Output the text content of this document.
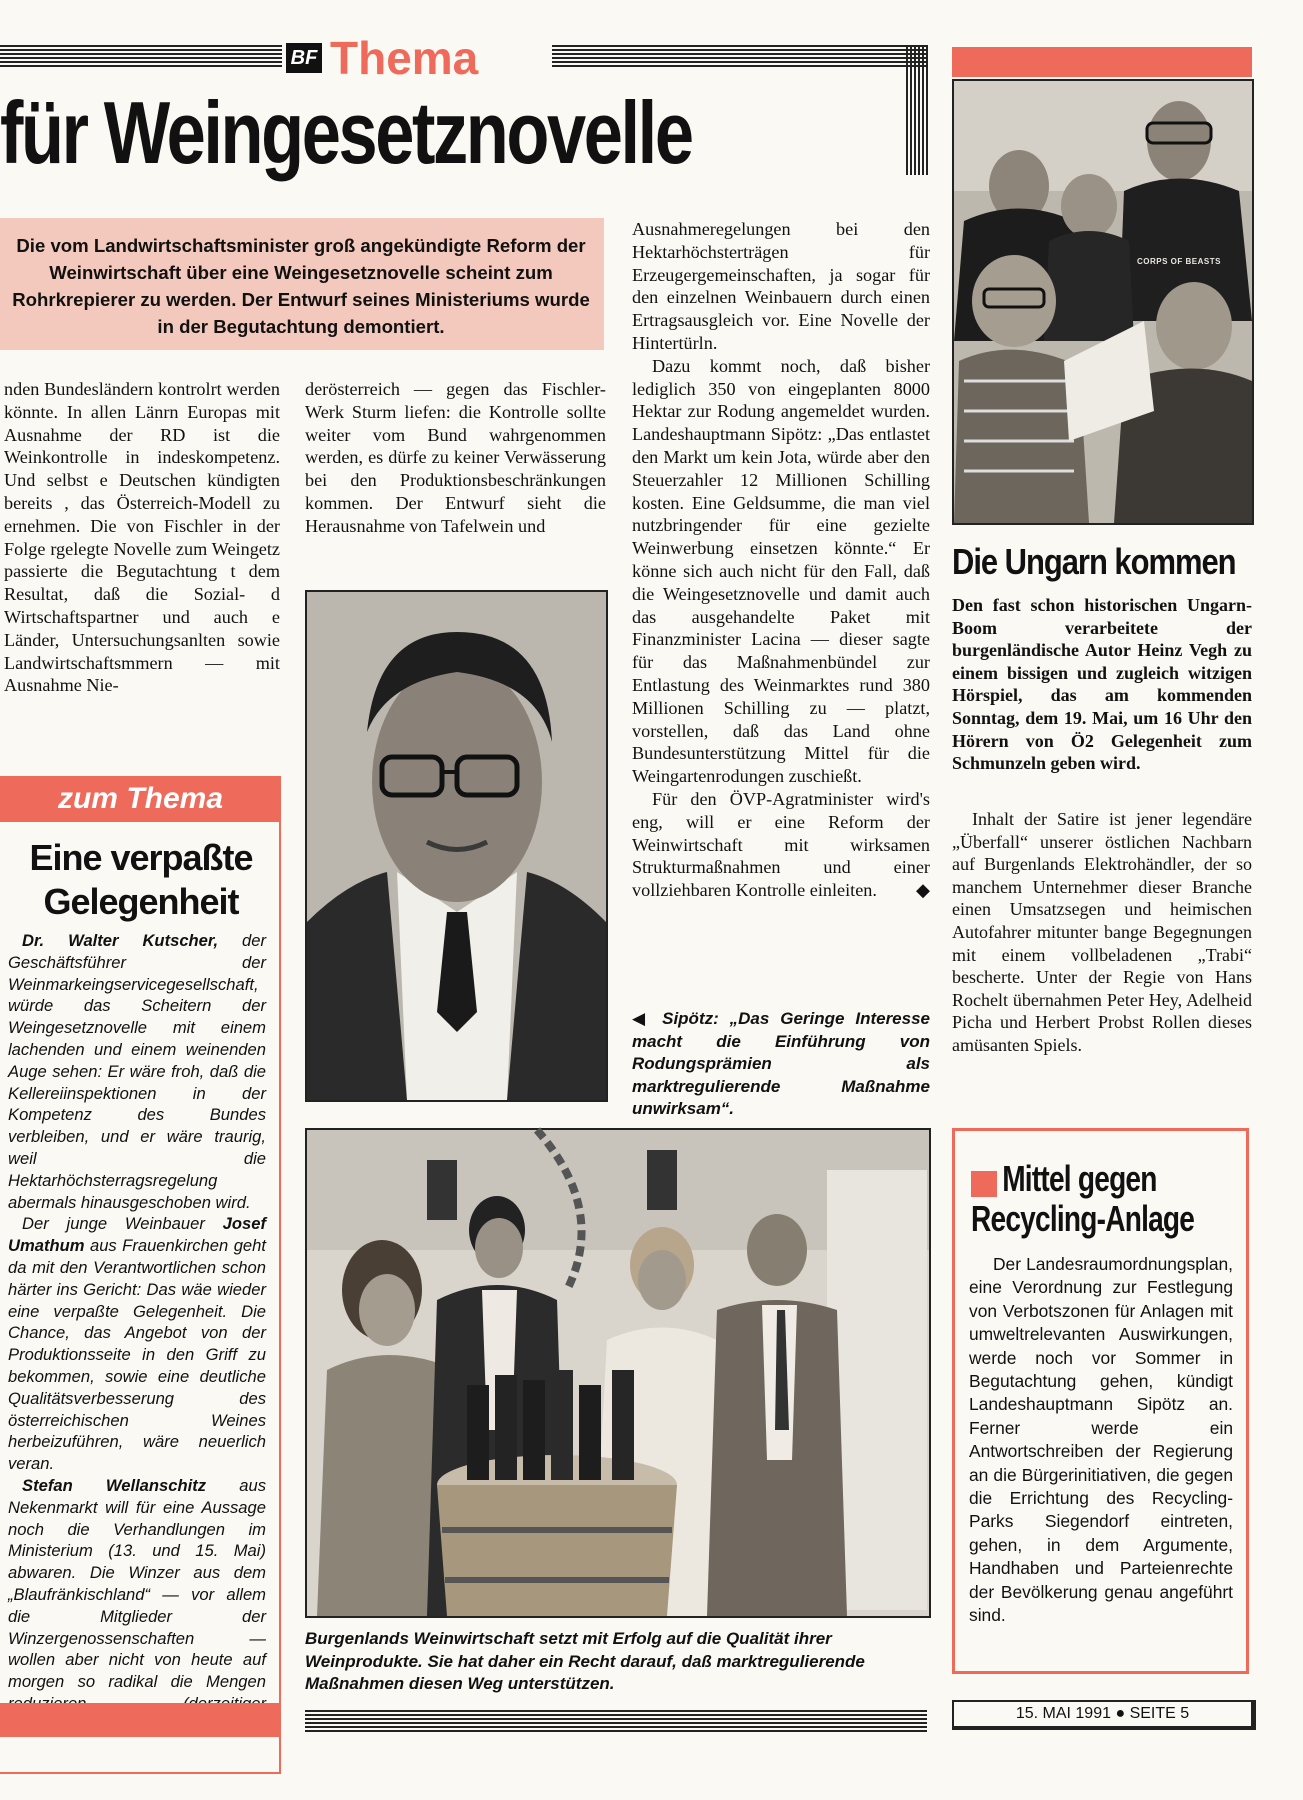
BF Thema
für Weingesetznovelle
Die vom Landwirtschaftsminister groß angekündigte Reform der Weinwirtschaft über eine Weingesetznovelle scheint zum Rohrkrepierer zu werden. Der Entwurf seines Ministeriums wurde in der Begutachtung demontiert.

nden Bundesländern kontrolrt werden könnte. In allen Länrn Europas mit Ausnahme der RD ist die Weinkontrolle in indeskompetenz. Und selbst e Deutschen kündigten bereits , das Österreich-Modell zu ernehmen. Die von Fischler in der Folge rgelegte Novelle zum Weingetz passierte die Begutachtung t dem Resultat, daß die Sozial- d Wirtschaftspartner und auch e Länder, Untersuchungsanlten sowie Landwirtschaftsmmern — mit Ausnahme Nie-

derösterreich — gegen das Fischler-Werk Sturm liefen: die Kontrolle sollte weiter vom Bund wahrgenommen werden, es dürfe zu keiner Verwässerung bei den Produktionsbeschränkungen kommen. Der Entwurf sieht die Herausnahme von Tafelwein und

Ausnahmeregelungen bei den Hektarhöchsterträgen für Erzeugergemeinschaften, ja sogar für den einzelnen Weinbauern durch einen Ertragsausgleich vor. Eine Novelle der Hintertürln.

Dazu kommt noch, daß bisher lediglich 350 von eingeplanten 8000 Hektar zur Rodung angemeldet wurden. Landeshauptmann Sipötz: „Das entlastet den Markt um kein Jota, würde aber den Steuerzahler 12 Millionen Schilling kosten. Eine Geldsumme, die man viel nutzbringender für eine gezielte Weinwerbung einsetzen könnte.“ Er könne sich auch nicht für den Fall, daß die Weingesetznovelle und damit auch das ausgehandelte Paket mit Finanzminister Lacina — dieser sagte für das Maßnahmenbündel zur Entlastung des Weinmarktes rund 380 Millionen Schilling zu — platzt, vorstellen, daß das Land ohne Bundesunterstützung Mittel für die Weingartenrodungen zuschießt.

Für den ÖVP-Agratminister wird's eng, will er eine Reform der Weinwirtschaft mit wirksamen Strukturmaßnahmen und einer vollziehbaren Kontrolle einleiten.	◆

◀ Sipötz: „Das Geringe Interesse macht die Einführung von Rodungsprämien als marktregulierende Maßnahme unwirksam“.
zum Thema
Eine verpaßte Gelegenheit

Dr. Walter Kutscher, der Geschäftsführer der Weinmarkeingservicegesellschaft, würde das Scheitern der Weingesetznovelle mit einem lachenden und einem weinenden Auge sehen: Er wäre froh, daß die Kellereiinspektionen in der Kompetenz des Bundes verbleiben, und er wäre traurig, weil die Hektarhöchsterragsregelung abermals hinausgeschoben wird.

Der junge Weinbauer Josef Umathum aus Frauenkirchen geht da mit den Verantwortlichen schon härter ins Gericht: Das wäe wieder eine verpaßte Gelegenheit. Die Chance, das Angebot von der Produktionsseite in den Griff zu bekommen, sowie eine deutliche Qualitätsverbesserung des österreichischen Weines herbeizuführen, wäre neuerlich veran.

Stefan Wellanschitz aus Nekenmarkt will für eine Aussage noch die Verhandlungen im Ministerium (13. und 15. Mai) abwaren. Die Winzer aus dem „Blaufränkischland“ — vor allem die Mitglieder der Winzergenossenschaften — wollen aber nicht von heute auf morgen so radikal die Mengen

Burgenlands Weinwirtschaft setzt mit Erfolg auf die Qualität ihrer Weinprodukte. Sie hat daher ein Recht darauf, daß marktregulierende Maßnahmen diesen Weg unterstützen.
CORPS OF BEASTS
Die Ungarn kommen
Den fast schon historischen Ungarn-Boom verarbeitete der burgenländische Autor Heinz Vegh zu einem bissigen und zugleich witzigen Hörspiel, das am kommenden Sonntag, dem 19. Mai, um 16 Uhr den Hörern von Ö2 Gelegenheit zum Schmunzeln geben wird.
Inhalt der Satire ist jener legendäre „Überfall“ unserer östlichen Nachbarn auf Burgenlands Elektrohändler, der so manchem Unternehmer dieser Branche einen Umsatzsegen und heimischen Autofahrer mitunter bange Begegnungen mit einem vollbeladenen „Trabi“ bescherte. Unter der Regie von Hans Rochelt übernahmen Peter Hey, Adelheid Picha und Herbert Probst Rollen dieses amüsanten Spiels.
Mittel gegen Recycling-Anlage
Der Landesraumordnungsplan, eine Verordnung zur Festlegung von Verbotszonen für Anlagen mit umweltrelevanten Auswirkungen, werde noch vor Sommer in Begutachtung gehen, kündigt Landeshauptmann Sipötz an. Ferner werde ein Antwortschreiben der Regierung an die Bürgerinitiativen, die gegen die Errichtung des Recycling-Parks Siegendorf eintreten, gehen, in dem Argumente, Handhaben und Parteienrechte der Bevölkerung genau angeführt sind.
15. MAI 1991 ● SEITE 5
